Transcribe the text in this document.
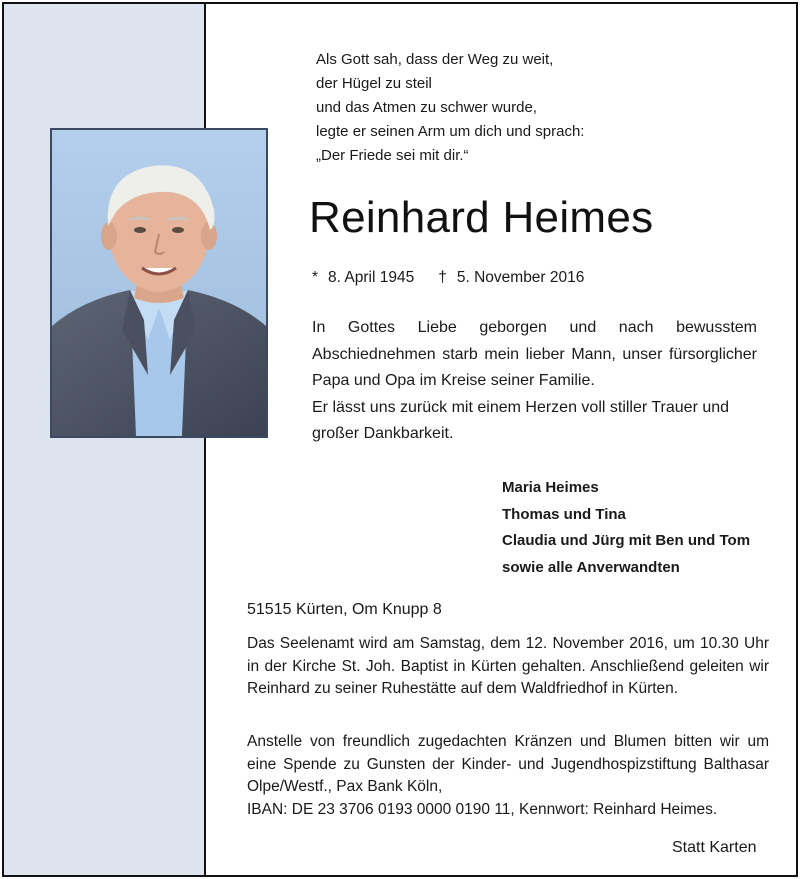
Als Gott sah, dass der Weg zu weit,
der Hügel zu steil
und das Atmen zu schwer wurde,
legte er seinen Arm um dich und sprach:
„Der Friede sei mit dir.“
Reinhard Heimes
* 8. April 1945 † 5. November 2016

In Gottes Liebe geborgen und nach bewusstem Abschiednehmen starb mein lieber Mann, unser fürsorglicher Papa und Opa im Kreise seiner Familie.

Er lässt uns zurück mit einem Herzen voll stiller Trauer und großer Dankbarkeit.

Maria Heimes
Thomas und Tina
Claudia und Jürg mit Ben und Tom
sowie alle Anverwandten
51515 Kürten, Om Knupp 8

Das Seelenamt wird am Samstag, dem 12. November 2016, um 10.30 Uhr in der Kirche St. Joh. Baptist in Kürten gehalten. Anschließend geleiten wir Reinhard zu seiner Ruhestätte auf dem Waldfriedhof in Kürten.

Anstelle von freundlich zugedachten Kränzen und Blumen bitten wir um eine Spende zu Gunsten der Kinder- und Jugendhospizstiftung Balthasar Olpe/Westf., Pax Bank Köln,

IBAN: DE 23 3706 0193 0000 0190 11, Kennwort: Reinhard Heimes.
Statt Karten
